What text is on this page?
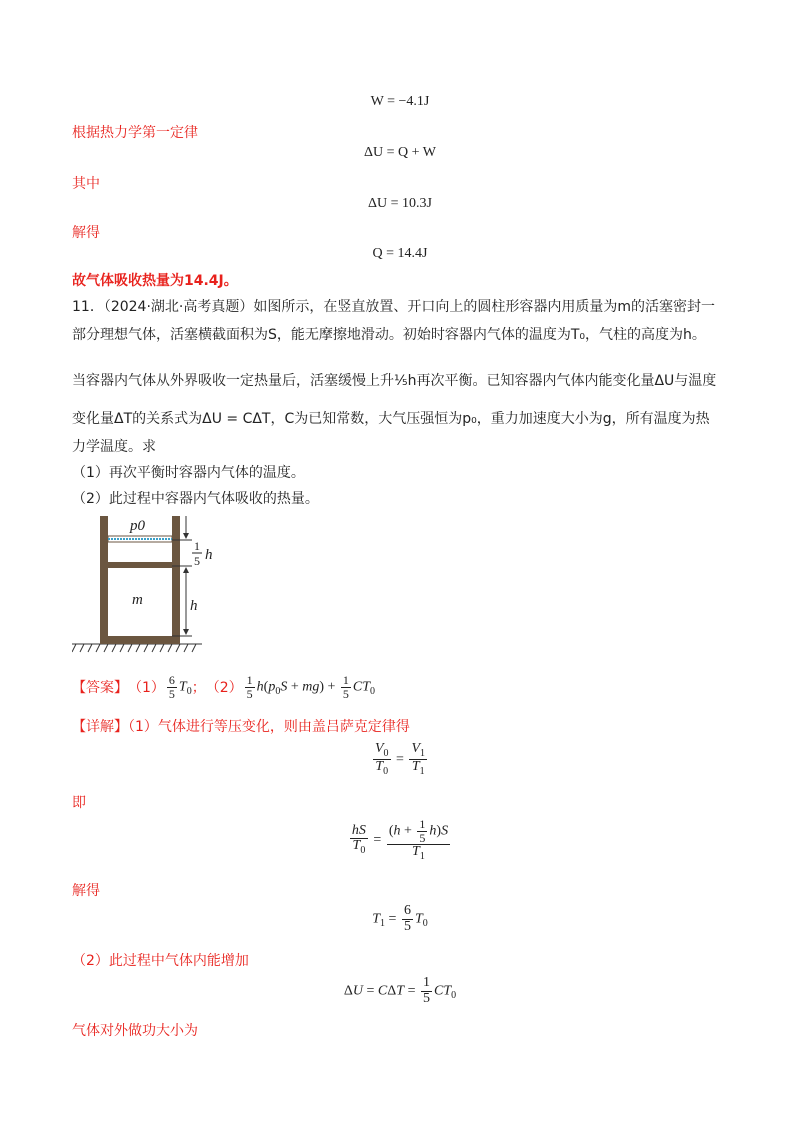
W = −4.1J
根据热力学第一定律
ΔU = Q + W
其中
ΔU = 10.3J
解得
Q = 14.4J
故气体吸收热量为14.4J。
11．（2024·湖北·高考真题）如图所示，在竖直放置、开口向上的圆柱形容器内用质量为m的活塞密封一
部分理想气体，活塞横截面积为S，能无摩擦地滑动。初始时容器内气体的温度为T₀，气柱的高度为h。
当容器内气体从外界吸收一定热量后，活塞缓慢上升⅕h再次平衡。已知容器内气体内能变化量ΔU与温度
变化量ΔT的关系式为ΔU = CΔT，C为已知常数，大气压强恒为p₀，重力加速度大小为g，所有温度为热
力学温度。求
（1）再次平衡时容器内气体的温度。
（2）此过程中容器内气体吸收的热量。
p0
m	h
1
5 h
【答案】 $(1) \frac{6}{5} T_0$ ； $(2) \frac{1}{5} h(p_0S + mg) + \frac{1}{5} CT_0$
【详解】（1）气体进行等压变化，则由盖吕萨克定律得
$\frac{V_0}{T_0} = \frac{V_1}{T_1}$
即
$\frac{hS}{T_0} = \frac{(h + \frac{1}{5} h)S}{T_1}$
解得
$T_1 = \frac{6}{5} T_0$
（2）此过程中气体内能增加
$\Delta U = C\Delta T = \frac{1}{5} CT_0$
气体对外做功大小为
